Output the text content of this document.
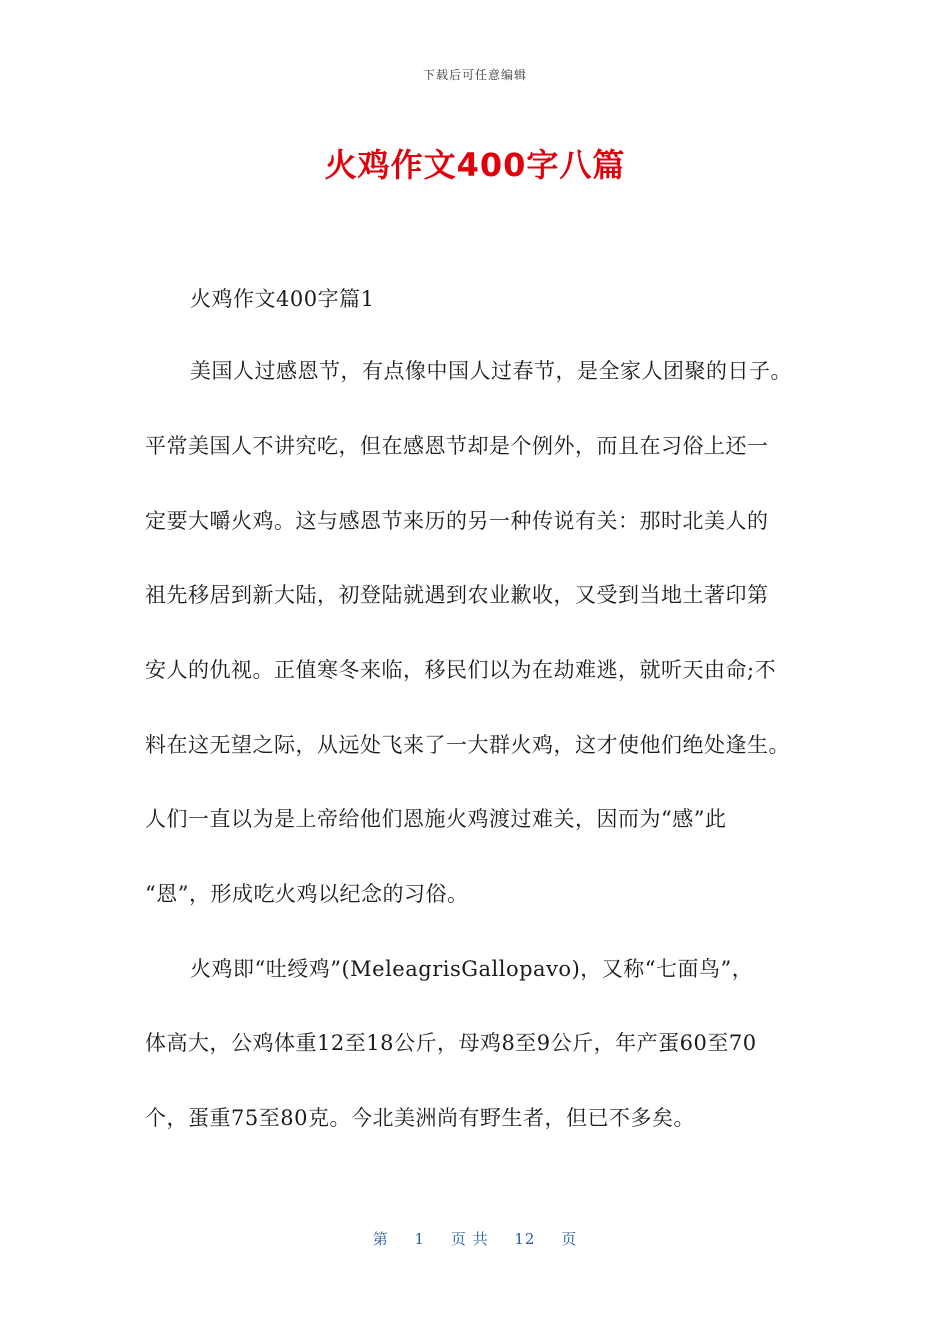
下载后可任意编辑
火鸡作文400字八篇
火鸡作文400字篇1
美国人过感恩节，有点像中国人过春节，是全家人团聚的日子。
平常美国人不讲究吃，但在感恩节却是个例外，而且在习俗上还一
定要大嚼火鸡。这与感恩节来历的另一种传说有关：那时北美人的
祖先移居到新大陆，初登陆就遇到农业歉收，又受到当地土著印第
安人的仇视。正值寒冬来临，移民们以为在劫难逃，就听天由命;不
料在这无望之际，从远处飞来了一大群火鸡，这才使他们绝处逢生。
人们一直以为是上帝给他们恩施火鸡渡过难关，因而为“感”此
“恩”，形成吃火鸡以纪念的习俗。
火鸡即“吐绶鸡”(MeleagrisGallopavo)，又称“七面鸟”，
体高大，公鸡体重12至18公斤，母鸡8至9公斤，年产蛋60至70
个，蛋重75至80克。今北美洲尚有野生者，但已不多矣。
第 1 页 共 12 页
